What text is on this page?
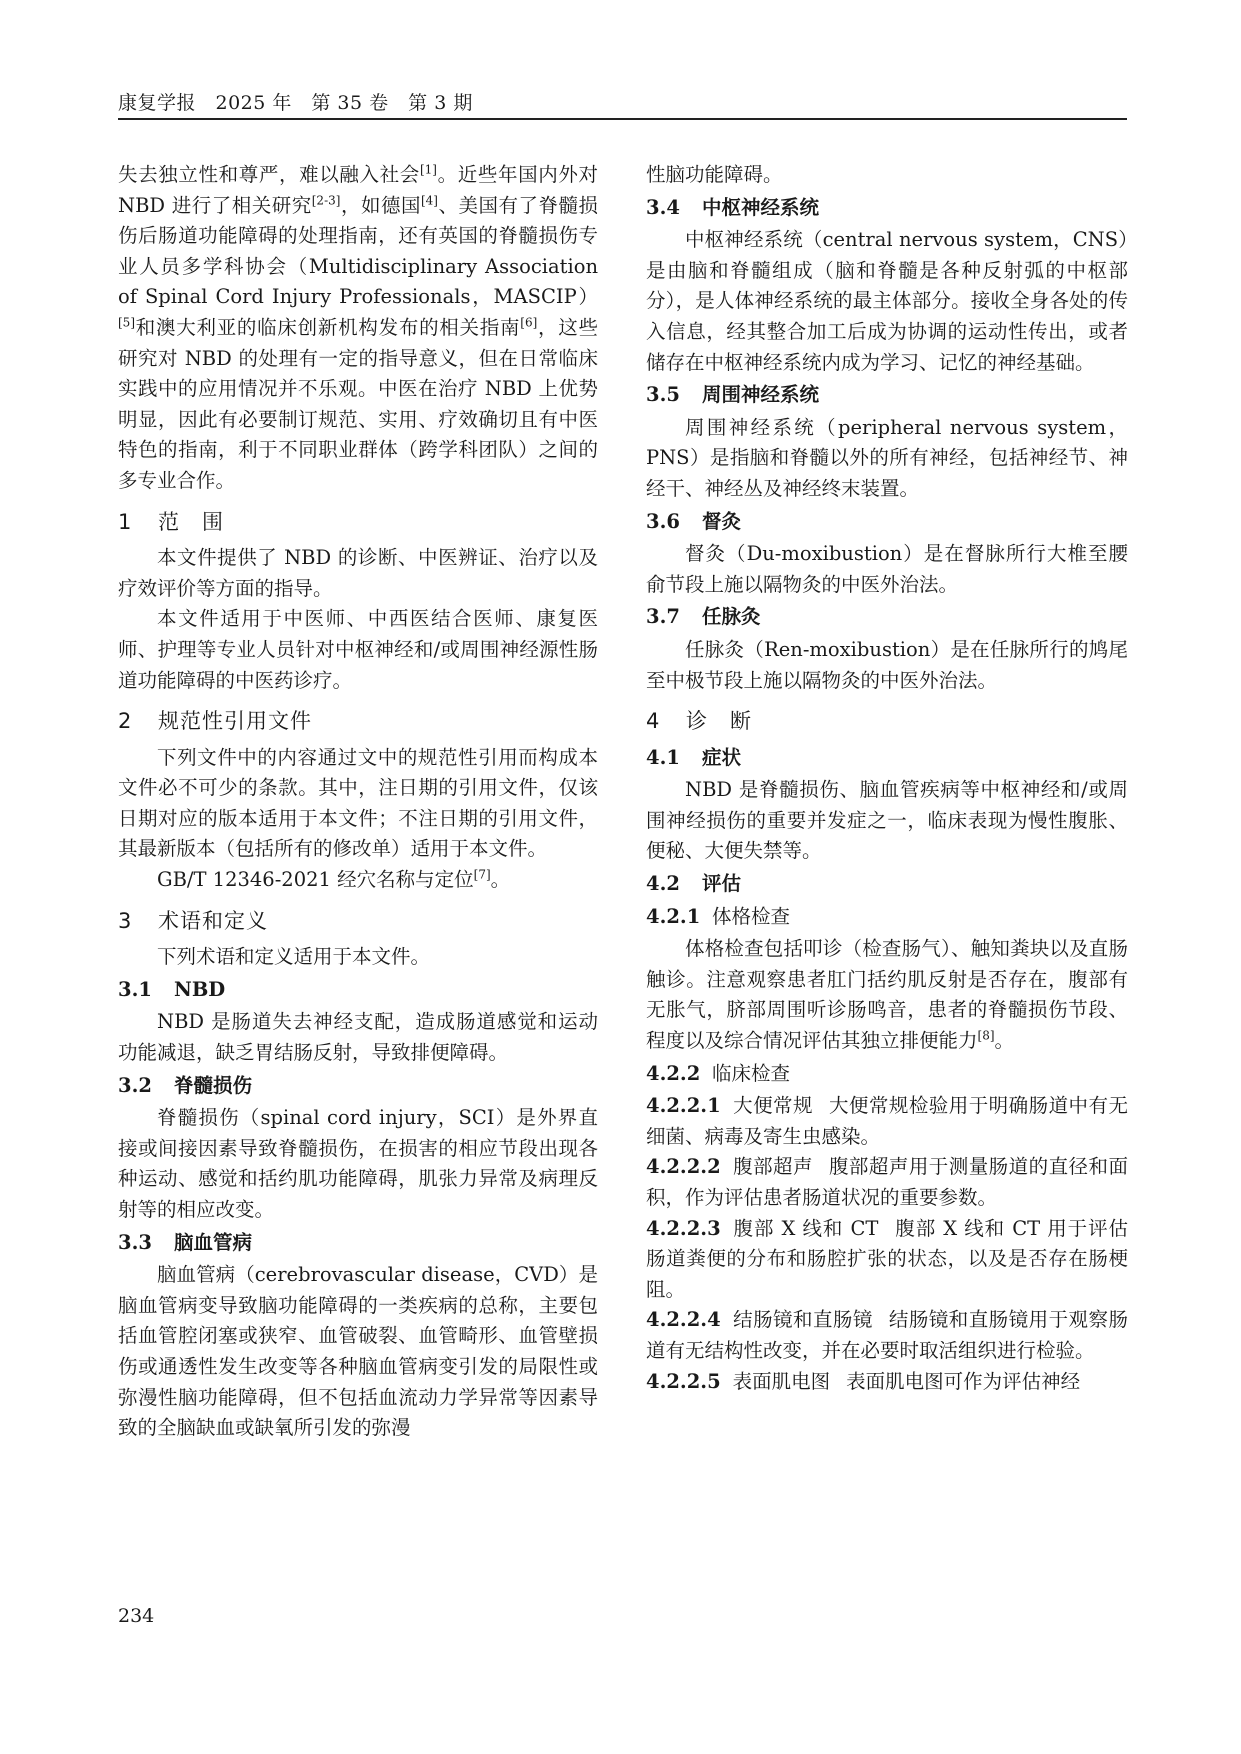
康复学报　2025 年　第 35 卷　第 3 期

失去独立性和尊严，难以融入社会[1]。近些年国内外对 NBD 进行了相关研究[2-3]，如德国[4]、美国有了脊髓损伤后肠道功能障碍的处理指南，还有英国的脊髓损伤专业人员多学科协会（Multidisciplinary Association of Spinal Cord Injury Professionals，MASCIP）[5]和澳大利亚的临床创新机构发布的相关指南[6]，这些研究对 NBD 的处理有一定的指导意义，但在日常临床实践中的应用情况并不乐观。中医在治疗 NBD 上优势明显，因此有必要制订规范、实用、疗效确切且有中医特色的指南，利于不同职业群体（跨学科团队）之间的多专业合作。

1 范　围

本文件提供了 NBD 的诊断、中医辨证、治疗以及疗效评价等方面的指导。

本文件适用于中医师、中西医结合医师、康复医师、护理等专业人员针对中枢神经和/或周围神经源性肠道功能障碍的中医药诊疗。

2 规范性引用文件

下列文件中的内容通过文中的规范性引用而构成本文件必不可少的条款。其中，注日期的引用文件，仅该日期对应的版本适用于本文件；不注日期的引用文件，其最新版本（包括所有的修改单）适用于本文件。

GB/T 12346-2021 经穴名称与定位[7]。

3 术语和定义

下列术语和定义适用于本文件。

3.1 NBD

NBD 是肠道失去神经支配，造成肠道感觉和运动功能减退，缺乏胃结肠反射，导致排便障碍。

3.2 脊髓损伤

脊髓损伤（spinal cord injury，SCI）是外界直接或间接因素导致脊髓损伤，在损害的相应节段出现各种运动、感觉和括约肌功能障碍，肌张力异常及病理反射等的相应改变。

3.3 脑血管病

脑血管病（cerebrovascular disease，CVD）是脑血管病变导致脑功能障碍的一类疾病的总称，主要包括血管腔闭塞或狭窄、血管破裂、血管畸形、血管壁损伤或通透性发生改变等各种脑血管病变引发的局限性或弥漫性脑功能障碍，但不包括血流动力学异常等因素导致的全脑缺血或缺氧所引发的弥漫

性脑功能障碍。

3.4 中枢神经系统

中枢神经系统（central nervous system，CNS）是由脑和脊髓组成（脑和脊髓是各种反射弧的中枢部分），是人体神经系统的最主体部分。接收全身各处的传入信息，经其整合加工后成为协调的运动性传出，或者储存在中枢神经系统内成为学习、记忆的神经基础。

3.5 周围神经系统

周围神经系统（peripheral nervous system，PNS）是指脑和脊髓以外的所有神经，包括神经节、神经干、神经丛及神经终末装置。

3.6 督灸

督灸（Du-moxibustion）是在督脉所行大椎至腰俞节段上施以隔物灸的中医外治法。

3.7 任脉灸

任脉灸（Ren-moxibustion）是在任脉所行的鸠尾至中极节段上施以隔物灸的中医外治法。

4 诊　断
4.1 症状

NBD 是脊髓损伤、脑血管疾病等中枢神经和/或周围神经损伤的重要并发症之一，临床表现为慢性腹胀、便秘、大便失禁等。

4.2 评估
4.2.1 体格检查

体格检查包括叩诊（检查肠气）、触知粪块以及直肠触诊。注意观察患者肛门括约肌反射是否存在，腹部有无胀气，脐部周围听诊肠鸣音，患者的脊髓损伤节段、程度以及综合情况评估其独立排便能力[8]。

4.2.2 临床检查

4.2.2.1 大便常规 大便常规检验用于明确肠道中有无细菌、病毒及寄生虫感染。

4.2.2.2 腹部超声 腹部超声用于测量肠道的直径和面积，作为评估患者肠道状况的重要参数。

4.2.2.3 腹部 X 线和 CT 腹部 X 线和 CT 用于评估肠道粪便的分布和肠腔扩张的状态，以及是否存在肠梗阻。

4.2.2.4 结肠镜和直肠镜 结肠镜和直肠镜用于观察肠道有无结构性改变，并在必要时取活组织进行检验。

4.2.2.5 表面肌电图 表面肌电图可作为评估神经

234
